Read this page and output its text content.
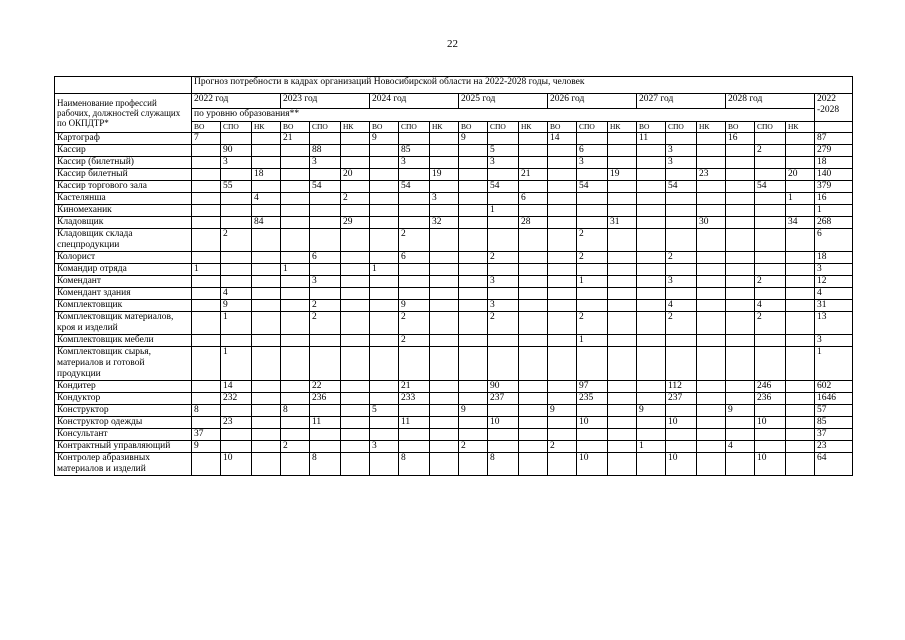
22
	Прогноз потребности в кадрах организаций Новосибирской области на 2022-2028 годы, человек																					
Наименование профессий рабочих, должностей служащих по ОКПДТР*	2022 год			2023 год			2024 год			2025 год			2026 год			2027 год			2028 год			2022 -2028
	по уровню образования**																					
	ВО	СПО	НК	ВО	СПО	НК	ВО	СПО	НК	ВО	СПО	НК	ВО	СПО	НК	ВО	СПО	НК	ВО	СПО	НК	
Картограф	7			21			9			9			14			11			16			87
Кассир		90			88			85			5			6			3			2		279
Кассир (билетный)		3			3			3			3			3			3					18
Кассир билетный			18			20			19			21			19			23			20	140
Кассир торгового зала		55			54			54			54			54			54			54		379
Кастелянша			4			2			3			6									1	16
Киномеханик											1											1
Кладовщик			84			29			32			28			31			30			34	268
Кладовщик склада спецпродукции		2						2						2								6
Колорист					6			6			2			2			2					18
Командир отряда	1			1			1															3
Комендант					3						3			1			3			2		12
Комендант здания		4																				4
Комплектовщик		9			2			9			3						4			4		31
Комплектовщик материалов, кроя и изделий		1			2			2			2			2			2			2		13
Комплектовщик мебели								2						1								3
Комплектовщик сырья, материалов и готовой продукции		1																				1
Кондитер		14			22			21			90			97			112			246		602
Кондуктор		232			236			233			237			235			237			236		1646
Конструктор	8			8			5			9			9			9			9			57
Конструктор одежды		23			11			11			10			10			10			10		85
Консультант	37																					37
Контрактный управляющий	9			2			3			2			2			1			4			23
Контролер абразивных материалов и изделий		10			8			8			8			10			10			10		64
